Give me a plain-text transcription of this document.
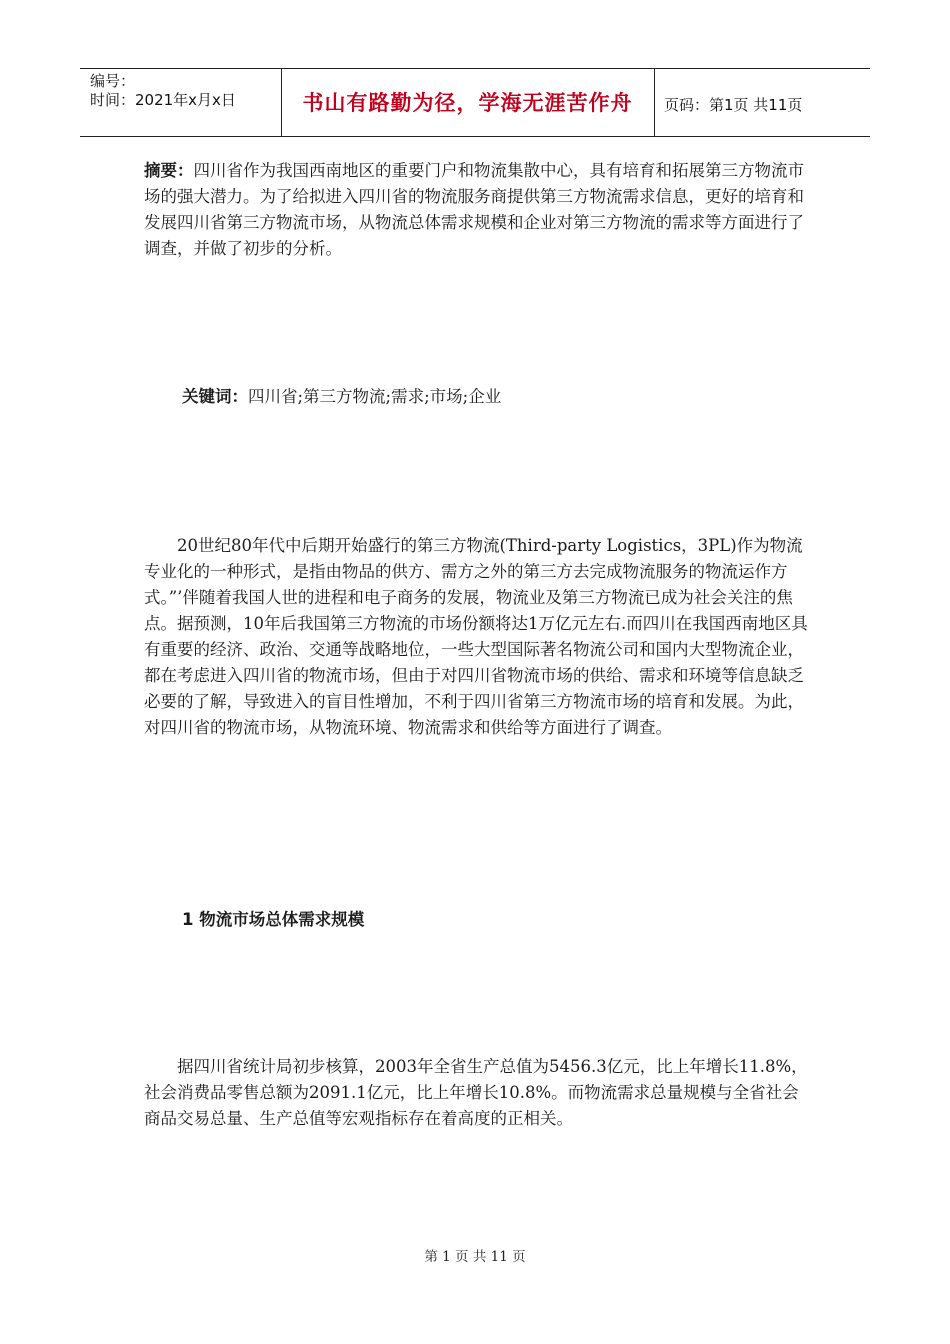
编号：
时间：2021年x月x日	书山有路勤为径，学海无涯苦作舟	页码：第1页 共11页

摘要：四川省作为我国西南地区的重要门户和物流集散中心，具有培育和拓展第三方物流市场的强大潜力。为了给拟进入四川省的物流服务商提供第三方物流需求信息，更好的培育和发展四川省第三方物流市场，从物流总体需求规模和企业对第三方物流的需求等方面进行了调查，并做了初步的分析。

关键词：四川省;第三方物流;需求;市场;企业

20世纪80年代中后期开始盛行的第三方物流(Third-party Logistics，3PL)作为物流专业化的一种形式，是指由物品的供方、需方之外的第三方去完成物流服务的物流运作方式。”’伴随着我国人世的进程和电子商务的发展，物流业及第三方物流已成为社会关注的焦点。据预测，10年后我国第三方物流的市场份额将达1万亿元左右.而四川在我国西南地区具有重要的经济、政治、交通等战略地位，一些大型国际著名物流公司和国内大型物流企业，都在考虑进入四川省的物流市场，但由于对四川省物流市场的供给、需求和环境等信息缺乏必要的了解，导致进入的盲目性增加，不利于四川省第三方物流市场的培育和发展。为此，对四川省的物流市场，从物流环境、物流需求和供给等方面进行了调查。

1 物流市场总体需求规模

据四川省统计局初步核算，2003年全省生产总值为5456.3亿元，比上年增长11.8%，社会消费品零售总额为2091.1亿元，比上年增长10.8%。而物流需求总量规模与全省社会商品交易总量、生产总值等宏观指标存在着高度的正相关。

第 1 页 共 11 页
